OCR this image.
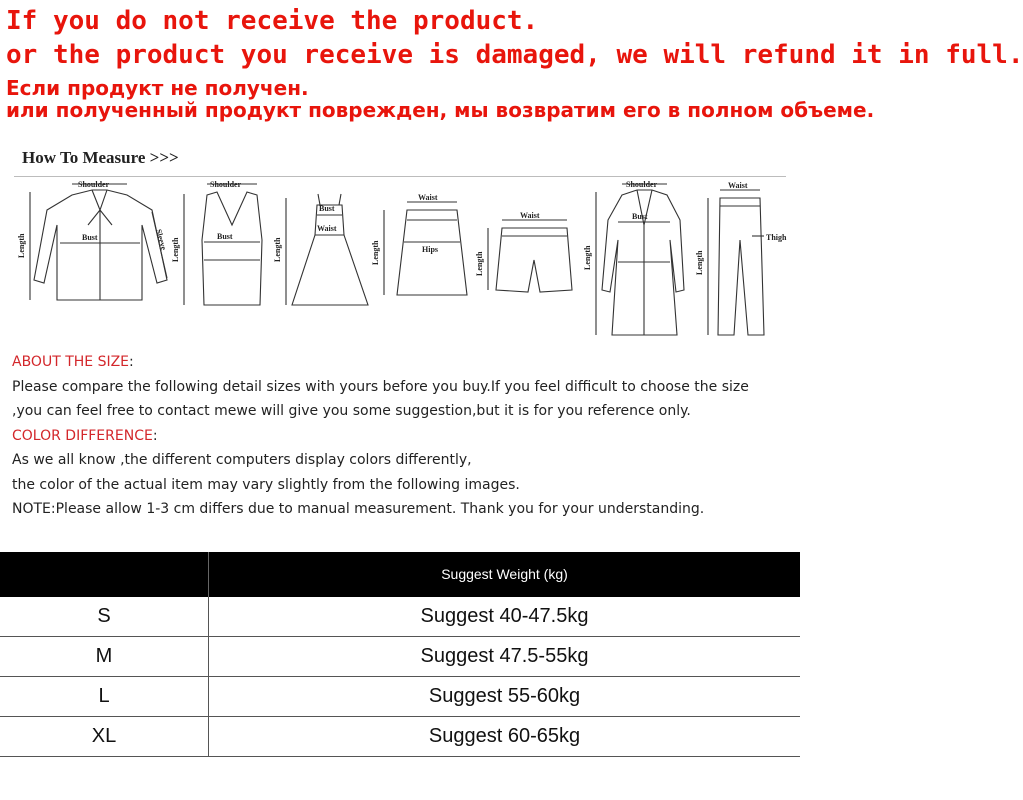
If you do not receive the product.
or the product you receive is damaged, we will refund it in full.
Если продукт не получен.
или полученный продукт поврежден, мы возвратим его в полном объеме.
How To Measure >>>
Shoulder
Bust
Length	Sleeve
Shoulder
Bust
Length
Bust
Waist
Length
Waist
Hips
Length
Waist
Length
Shoulder
Bust
Length
Waist
Thigh
Length

ABOUT THE SIZE:

Please compare the following detail sizes with yours before you buy.If you feel difficult to choose the size

,you can feel free to contact mewe will give you some suggestion,but it is for you reference only.

COLOR DIFFERENCE:

As we all know ,the different computers display colors differently,

the color of the actual item may vary slightly from the following images.

NOTE:Please allow 1-3 cm differs due to manual measurement. Thank you for your understanding.

Suggest Weight (kg)
S	Suggest 40-47.5kg
M	Suggest 47.5-55kg
L	Suggest 55-60kg
XL	Suggest 60-65kg
